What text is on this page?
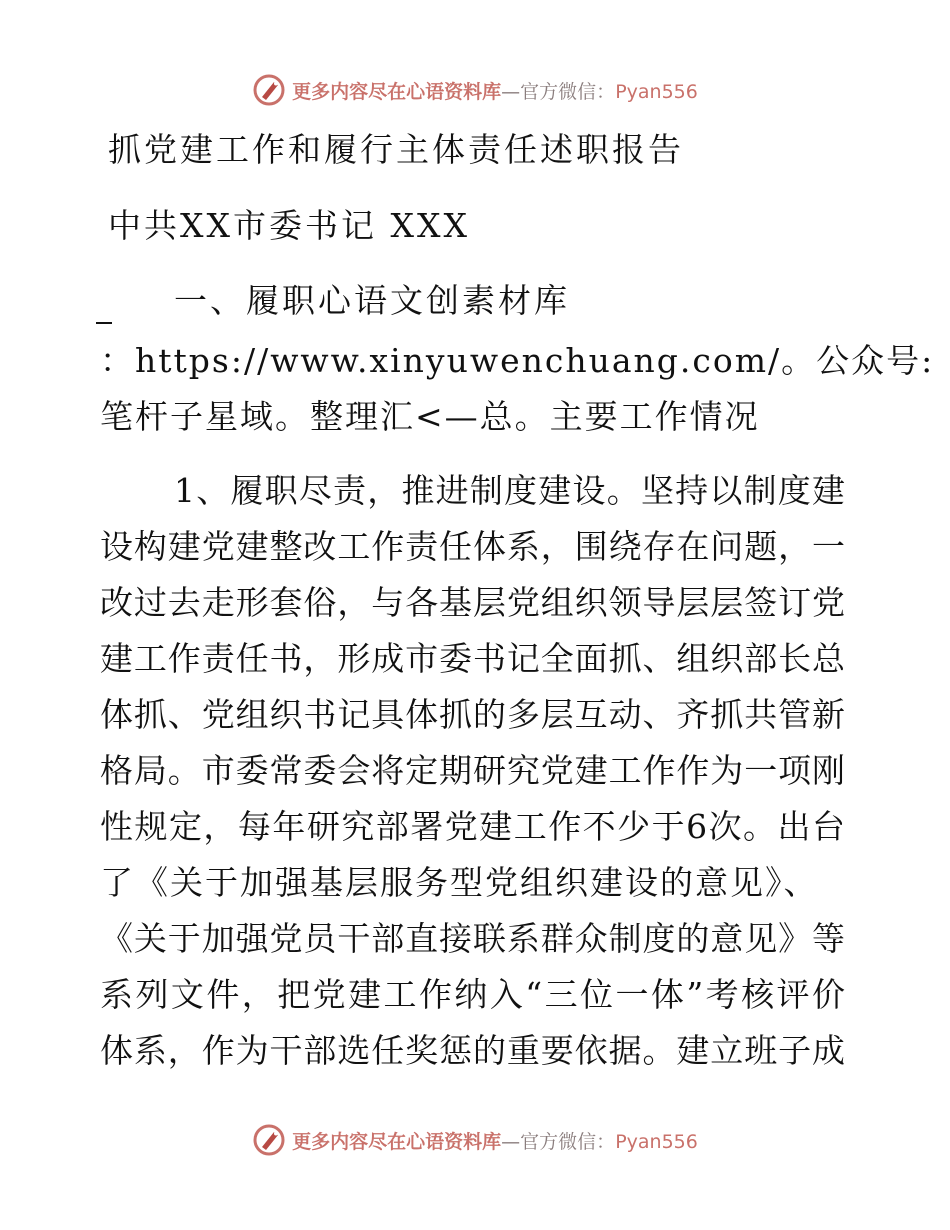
更多内容尽在心语资料库—官方微信：Pyan556
抓党建工作和履行主体责任述职报告
中共XX市委书记 XXX
一、履职心语文创素材库
：https://www.xinyuwenchuang.com/。公众号:
笔杆子星域。整理汇<—总。主要工作情况
1、履职尽责，推进制度建设。坚持以制度建
设构建党建整改工作责任体系，围绕存在问题，一
改过去走形套俗，与各基层党组织领导层层签订党
建工作责任书，形成市委书记全面抓、组织部长总
体抓、党组织书记具体抓的多层互动、齐抓共管新
格局。市委常委会将定期研究党建工作作为一项刚
性规定，每年研究部署党建工作不少于6次。出台
了《关于加强基层服务型党组织建设的意见》、
《关于加强党员干部直接联系群众制度的意见》等
系列文件，把党建工作纳入“三位一体”考核评价
体系，作为干部选任奖惩的重要依据。建立班子成
更多内容尽在心语资料库—官方微信：Pyan556
